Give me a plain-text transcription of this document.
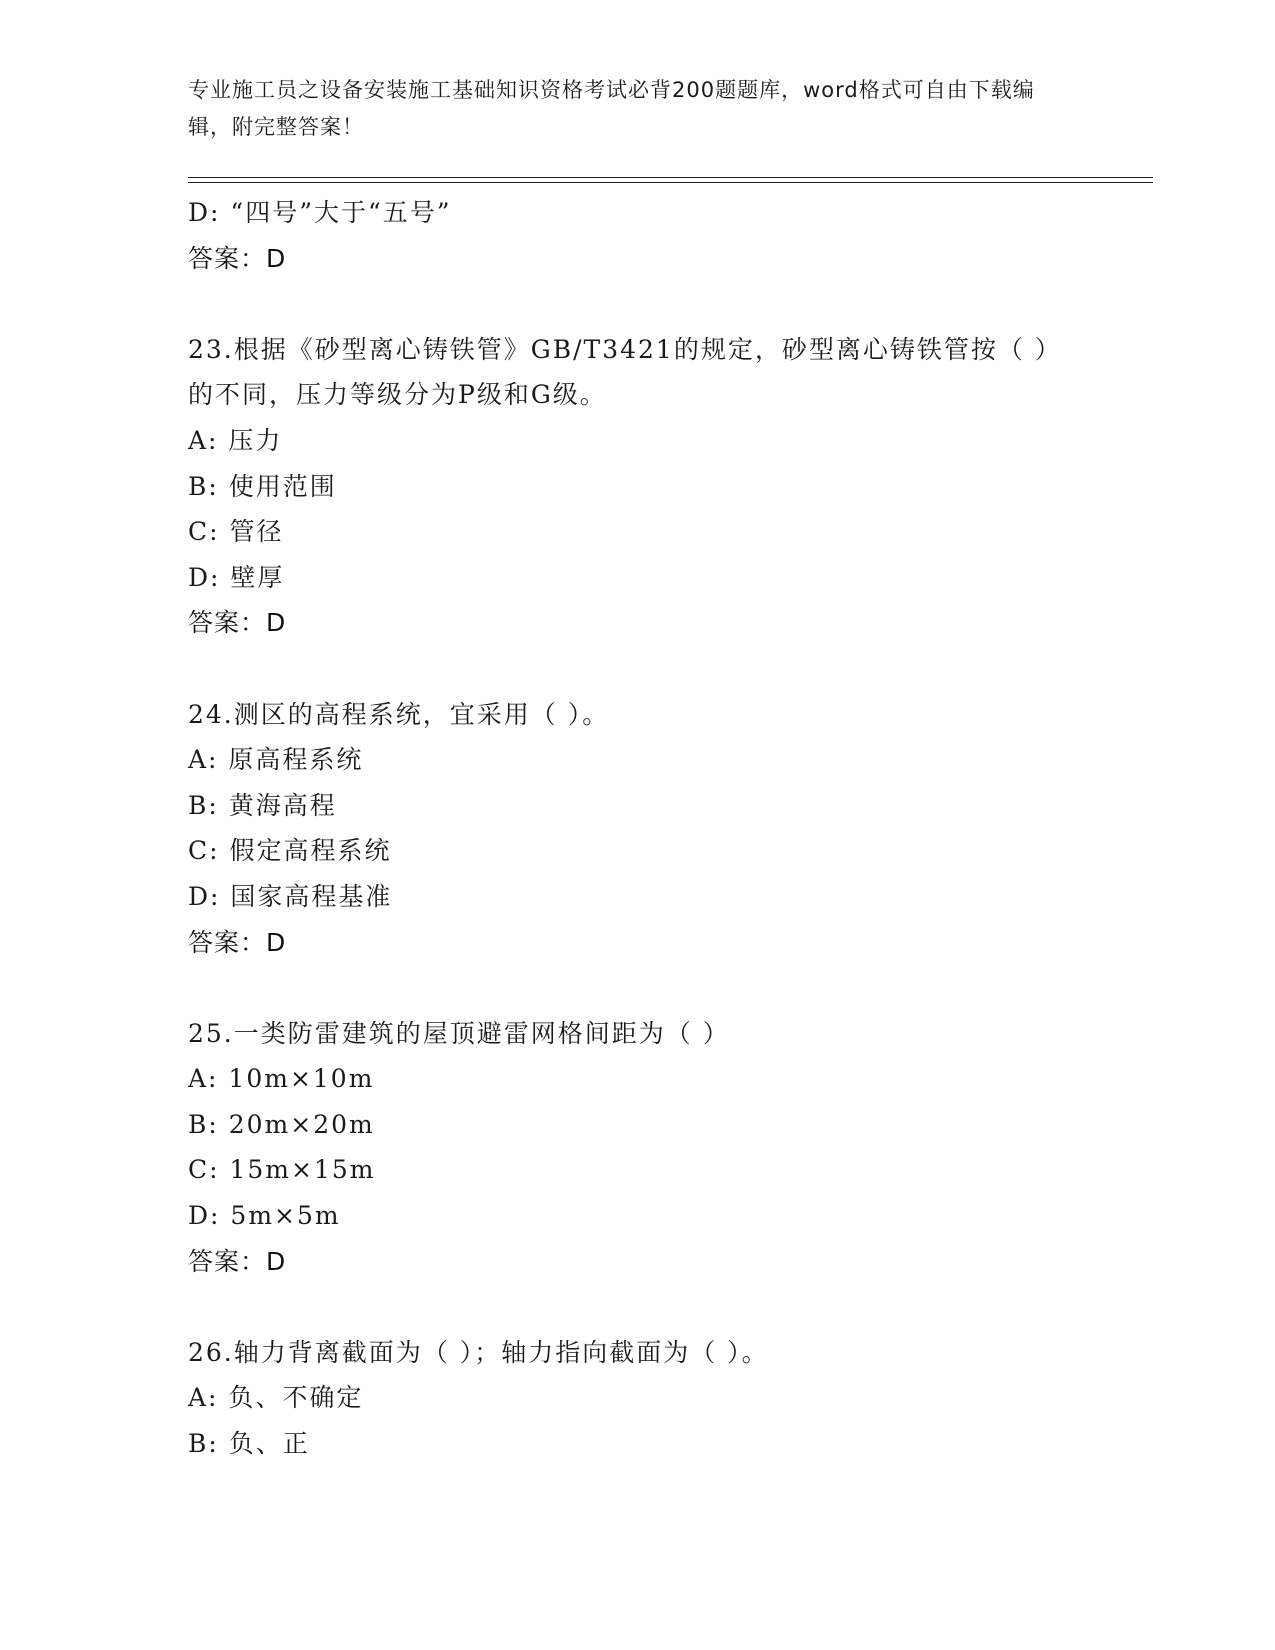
专业施工员之设备安装施工基础知识资格考试必背200题题库，word格式可自由下载编辑，附完整答案！
D: “四号”大于“五号”
答案：D
23.根据《砂型离心铸铁管》GB/T3421的规定，砂型离心铸铁管按（ ）的不同，压力等级分为P级和G级。
A: 压力
B: 使用范围
C: 管径
D: 壁厚
答案：D
24.测区的高程系统，宜采用（ ）。
A: 原高程系统
B: 黄海高程
C: 假定高程系统
D: 国家高程基准
答案：D
25.一类防雷建筑的屋顶避雷网格间距为（ ）
A: 10m×10m
B: 20m×20m
C: 15m×15m
D: 5m×5m
答案：D
26.轴力背离截面为（ ）；轴力指向截面为（ ）。
A: 负、不确定
B: 负、正
